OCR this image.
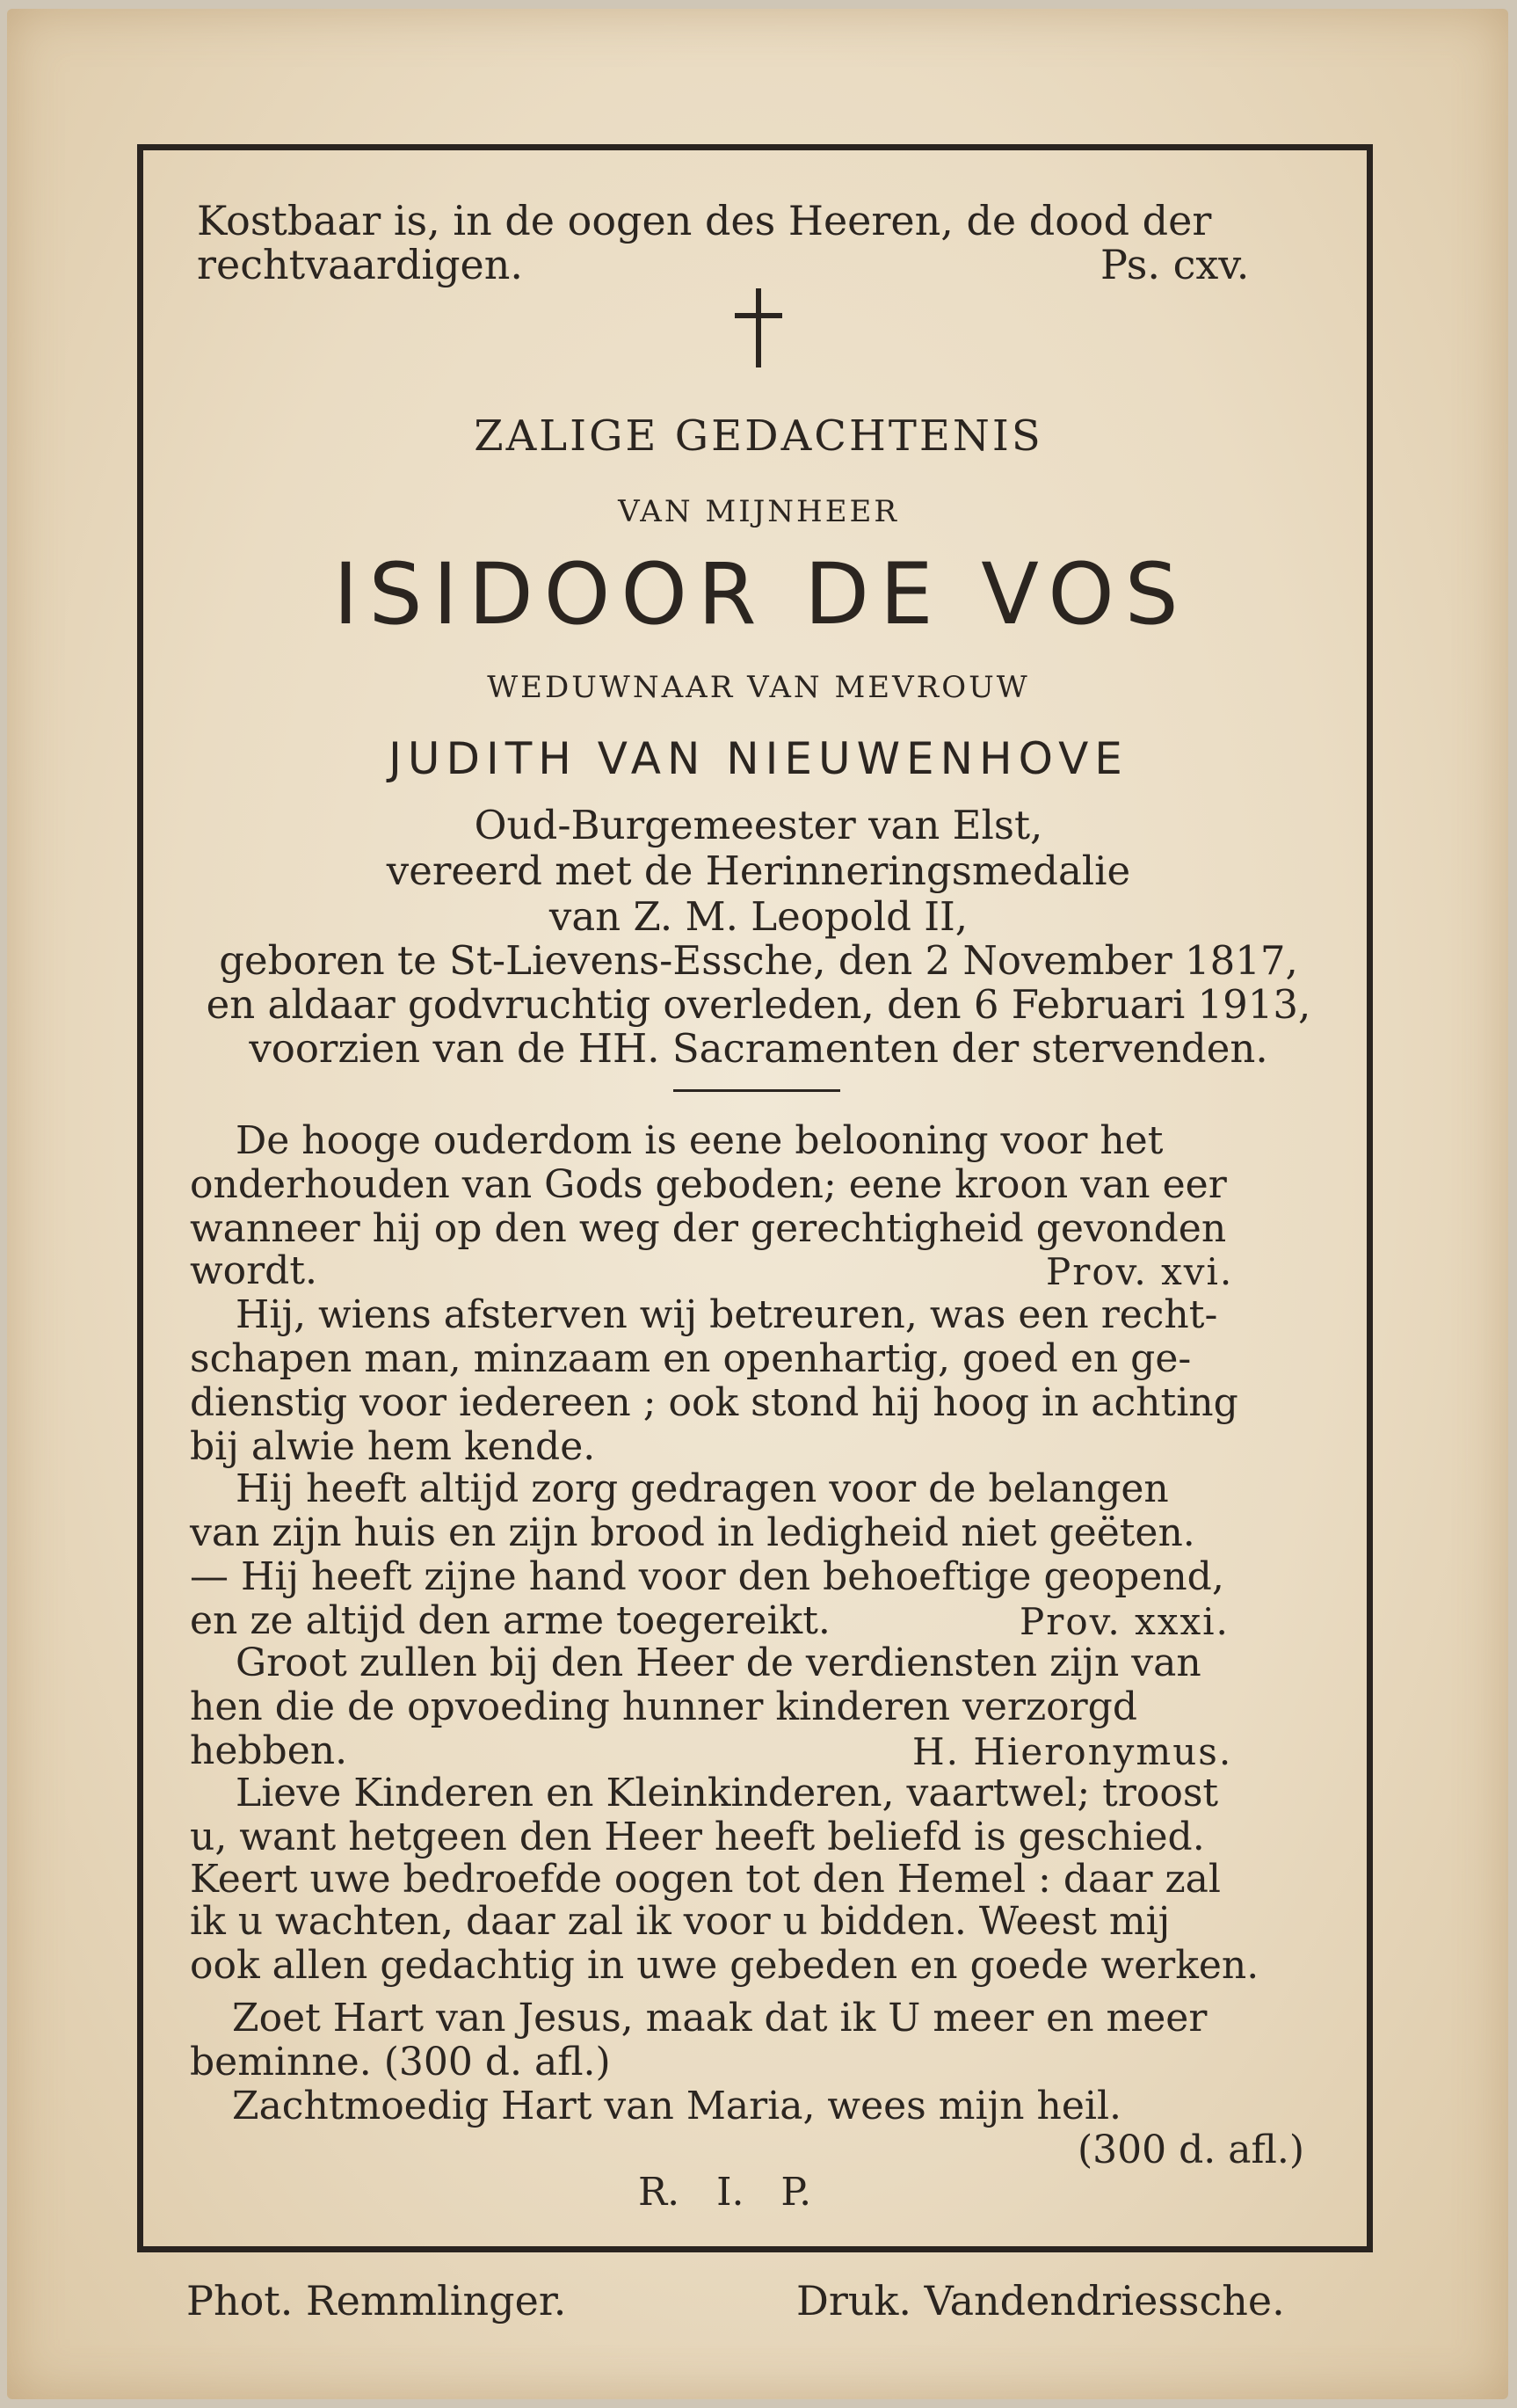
Kostbaar is, in de oogen des Heeren, de dood der
rechtvaardigen.	Ps. cxv.
ZALIGE GEDACHTENIS
VAN MIJNHEER
ISIDOOR DE VOS
WEDUWNAAR VAN MEVROUW
JUDITH VAN NIEUWENHOVE
Oud-Burgemeester van Elst,
vereerd met de Herinneringsmedalie
van Z. M. Leopold II,
geboren te St-Lievens-Essche, den 2 November 1817,
en aldaar godvruchtig overleden, den 6 Februari 1913,
voorzien van de HH. Sacramenten der stervenden.
De hooge ouderdom is eene belooning voor het
onderhouden van Gods geboden; eene kroon van eer
wanneer hij op den weg der gerechtigheid gevonden
wordt.	Prov. xvi.
Hij, wiens afsterven wij betreuren, was een recht-
schapen man, minzaam en openhartig, goed en ge-
dienstig voor iedereen ; ook stond hij hoog in achting
bij alwie hem kende.
Hij heeft altijd zorg gedragen voor de belangen
van zijn huis en zijn brood in ledigheid niet geëten.
— Hij heeft zijne hand voor den behoeftige geopend,
en ze altijd den arme toegereikt.	Prov. xxxi.
Groot zullen bij den Heer de verdiensten zijn van
hen die de opvoeding hunner kinderen verzorgd
hebben.	H. Hieronymus.
Lieve Kinderen en Kleinkinderen, vaartwel; troost
u, want hetgeen den Heer heeft beliefd is geschied.
Keert uwe bedroefde oogen tot den Hemel : daar zal
ik u wachten, daar zal ik voor u bidden. Weest mij
ook allen gedachtig in uwe gebeden en goede werken.
Zoet Hart van Jesus, maak dat ik U meer en meer
beminne. (300 d. afl.)
Zachtmoedig Hart van Maria, wees mijn heil.
(300 d. afl.)
R.   I.   P.
Phot. Remmlinger.	Druk. Vandendriessche.
